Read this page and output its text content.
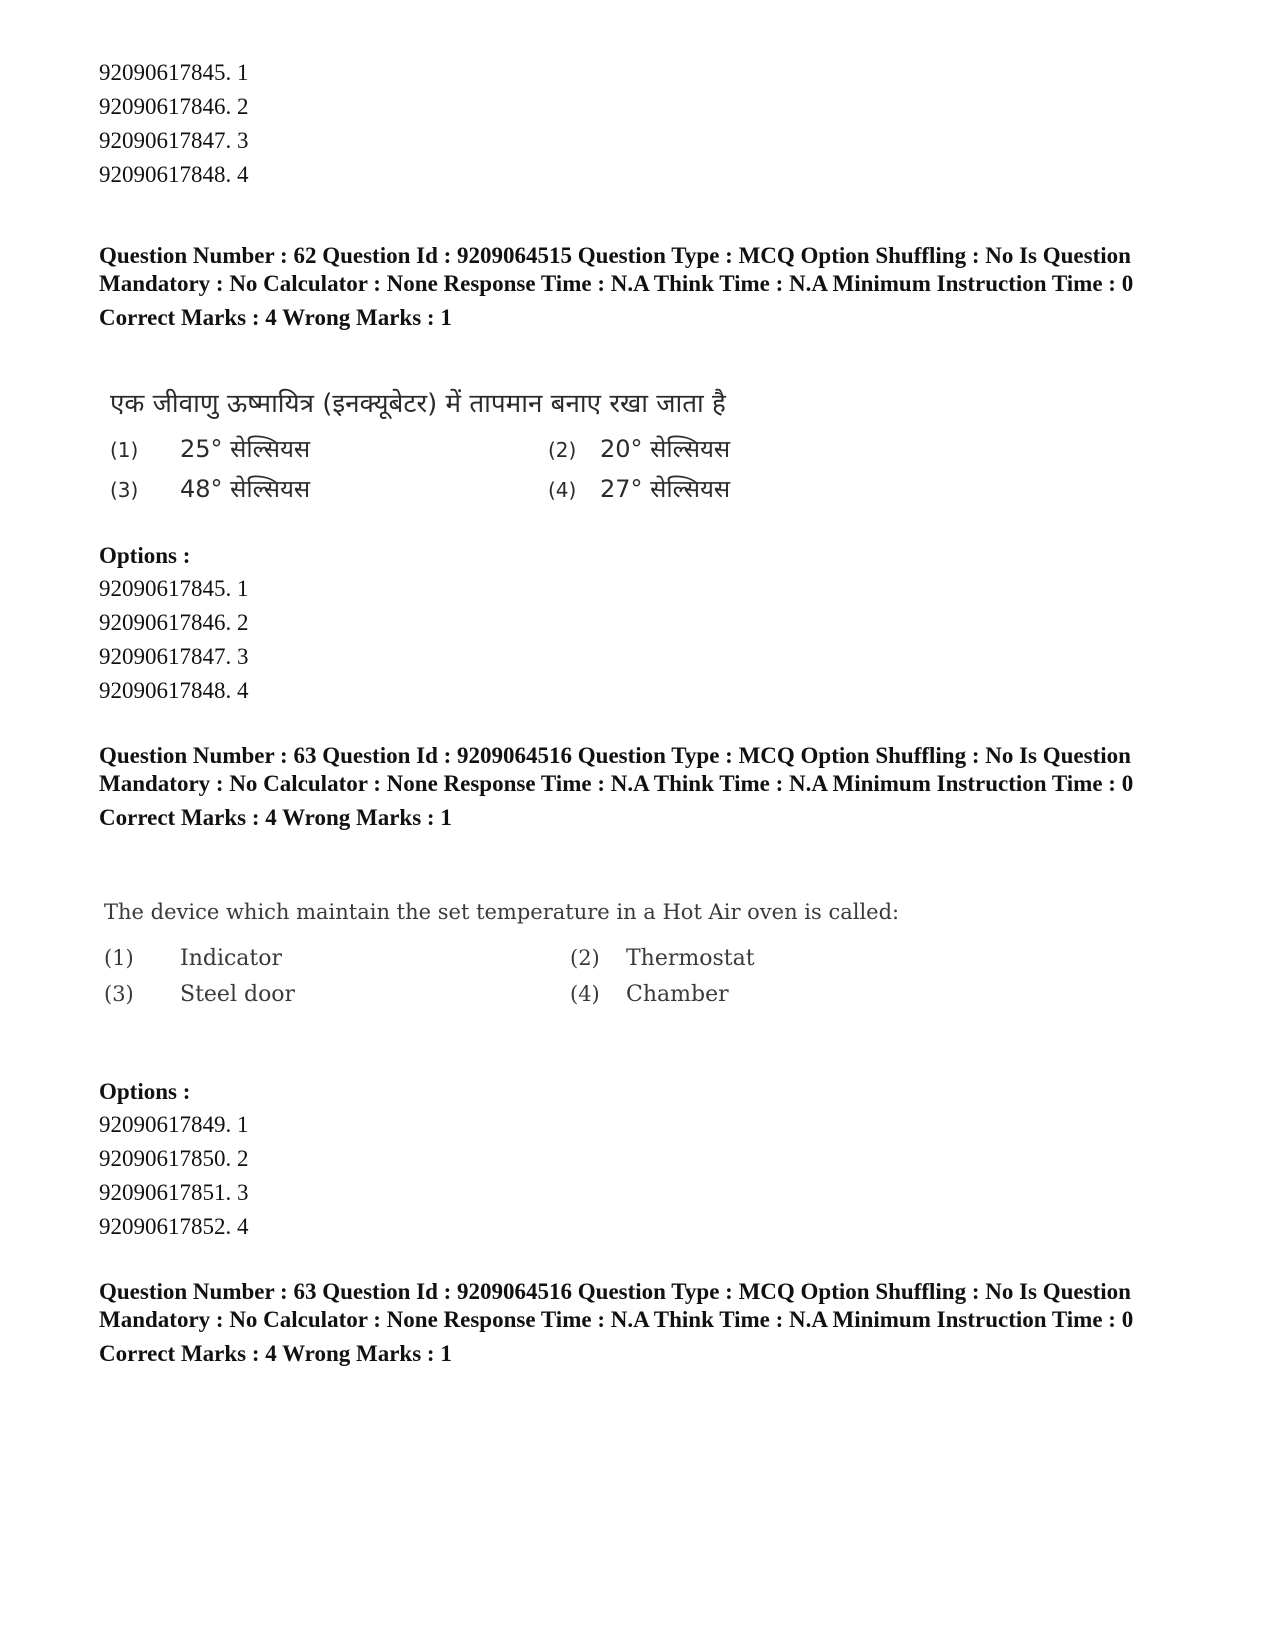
92090617845. 1
92090617846. 2
92090617847. 3
92090617848. 4
Question Number : 62 Question Id : 9209064515 Question Type : MCQ Option Shuffling : No Is Question Mandatory : No Calculator : None Response Time : N.A Think Time : N.A Minimum Instruction Time : 0
Correct Marks : 4 Wrong Marks : 1
एक जीवाणु ऊष्मायित्र (इनक्यूबेटर) में तापमान बनाए रखा जाता है
(1) 25° सेल्सियस	(2) 20° सेल्सियस
(3) 48° सेल्सियस	(4) 27° सेल्सियस
Options :
92090617845. 1
92090617846. 2
92090617847. 3
92090617848. 4
Question Number : 63 Question Id : 9209064516 Question Type : MCQ Option Shuffling : No Is Question Mandatory : No Calculator : None Response Time : N.A Think Time : N.A Minimum Instruction Time : 0
Correct Marks : 4 Wrong Marks : 1
The device which maintain the set temperature in a Hot Air oven is called:
(1) Indicator	(2) Thermostat
(3) Steel door	(4) Chamber
Options :
92090617849. 1
92090617850. 2
92090617851. 3
92090617852. 4
Question Number : 63 Question Id : 9209064516 Question Type : MCQ Option Shuffling : No Is Question Mandatory : No Calculator : None Response Time : N.A Think Time : N.A Minimum Instruction Time : 0
Correct Marks : 4 Wrong Marks : 1
